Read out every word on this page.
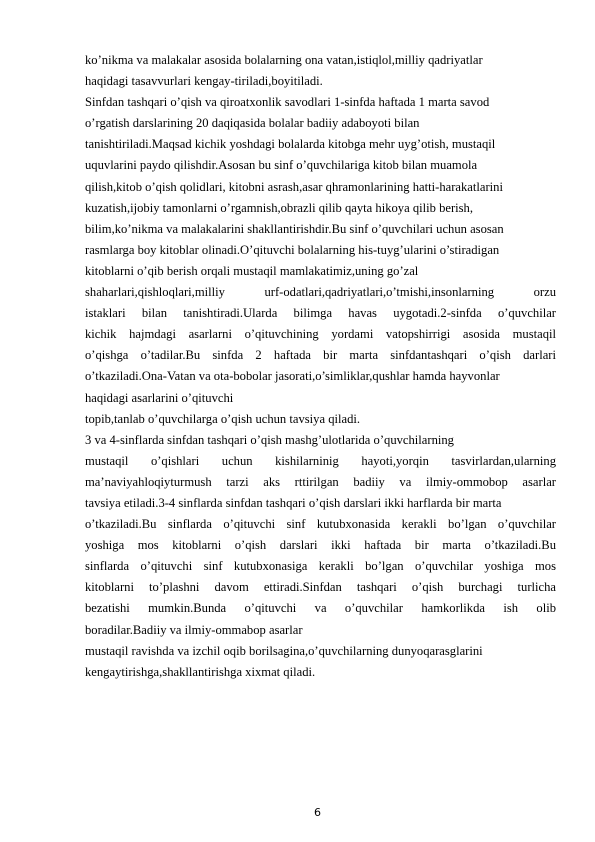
ko’nikma va malakalar asosida bolalarning ona vatan,istiqlol,milliy qadriyatlar
haqidagi tasavvurlari kengay-tiriladi,boyitiladi.
Sinfdan tashqari o’qish va qiroatxonlik savodlari 1-sinfda haftada 1 marta savod
o’rgatish darslarining 20 daqiqasida bolalar badiiy adaboyoti bilan
tanishtiriladi.Maqsad kichik yoshdagi bolalarda kitobga mehr uyg’otish, mustaqil
uquvlarini paydo qilishdir.Asosan bu sinf o’quvchilariga kitob bilan muamola
qilish,kitob o’qish qolidlari, kitobni asrash,asar qhramonlarining hatti-harakatlarini
kuzatish,ijobiy tamonlarni o’rgamnish,obrazli qilib qayta hikoya qilib berish,
bilim,ko’nikma va malakalarini shakllantirishdir.Bu sinf o’quvchilari uchun asosan
rasmlarga boy kitoblar olinadi.O’qituvchi bolalarning his-tuyg’ularini o’stiradigan
kitoblarni o’qib berish orqali mustaqil mamlakatimiz,uning go’zal
shaharlari,qishloqlari,milliy urf-odatlari,qadriyatlari,o’tmishi,insonlarning orzu
istaklari bilan tanishtiradi.Ularda bilimga havas uygotadi.2-sinfda o’quvchilar
kichik hajmdagi asarlarni o’qituvchining yordami vatopshirrigi asosida mustaqil
o’qishga o’tadilar.Bu sinfda 2 haftada bir marta sinfdantashqari o’qish darlari
o’tkaziladi.Ona-Vatan va ota-bobolar jasorati,o’simliklar,qushlar hamda hayvonlar
haqidagi asarlarini o’qituvchi
topib,tanlab o’quvchilarga o’qish uchun tavsiya qiladi.
3 va 4-sinflarda sinfdan tashqari o’qish mashg’ulotlarida o’quvchilarning
mustaqil o’qishlari uchun kishilarninig hayoti,yorqin tasvirlardan,ularning
ma’naviyahloqiyturmush tarzi aks rttirilgan badiiy va ilmiy-ommobop asarlar
tavsiya etiladi.3-4 sinflarda sinfdan tashqari o’qish darslari ikki harflarda bir marta
o’tkaziladi.Bu sinflarda o’qituvchi sinf kutubxonasida kerakli bo’lgan o’quvchilar
yoshiga mos kitoblarni o’qish darslari ikki haftada bir marta o’tkaziladi.Bu
sinflarda o’qituvchi sinf kutubxonasiga kerakli bo’lgan o’quvchilar yoshiga mos
kitoblarni to’plashni davom ettiradi.Sinfdan tashqari o’qish burchagi turlicha
bezatishi mumkin.Bunda o’qituvchi va o’quvchilar hamkorlikda ish olib
boradilar.Badiiy va ilmiy-ommabop asarlar
mustaqil ravishda va izchil oqib borilsagina,o’quvchilarning dunyoqarasglarini
kengaytirishga,shakllantirishga xixmat qiladi.
6
